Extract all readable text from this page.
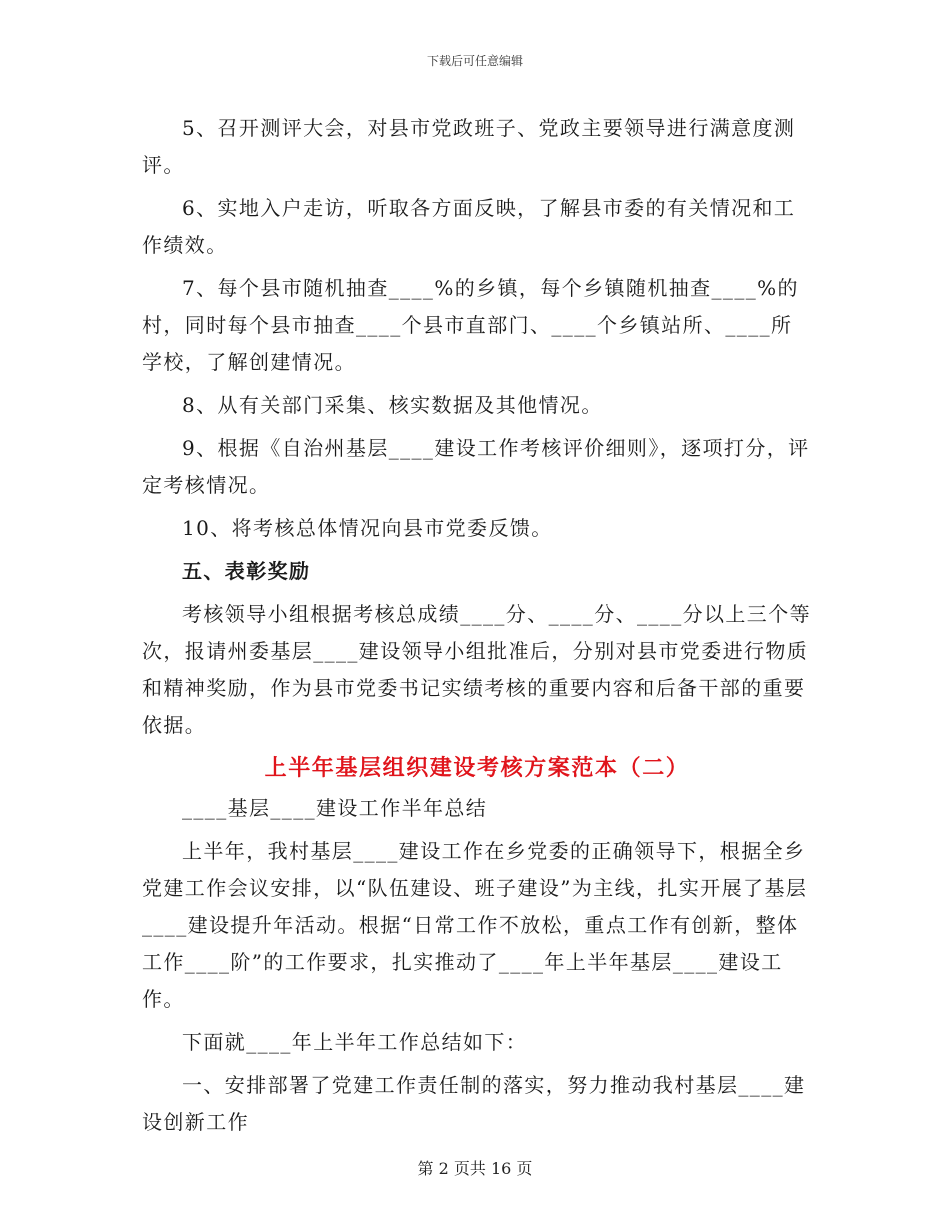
下载后可任意编辑

5、召开测评大会，对县市党政班子、党政主要领导进行满意度测评。

6、实地入户走访，听取各方面反映，了解县市委的有关情况和工作绩效。

7、每个县市随机抽查____%的乡镇，每个乡镇随机抽查____%的村，同时每个县市抽查____个县市直部门、____个乡镇站所、____所学校，了解创建情况。

8、从有关部门采集、核实数据及其他情况。

9、根据《自治州基层____建设工作考核评价细则》，逐项打分，评定考核情况。

10、将考核总体情况向县市党委反馈。

五、表彰奖励

考核领导小组根据考核总成绩____分、____分、____分以上三个等次，报请州委基层____建设领导小组批准后，分别对县市党委进行物质和精神奖励，作为县市党委书记实绩考核的重要内容和后备干部的重要依据。

上半年基层组织建设考核方案范本（二）

____基层____建设工作半年总结

上半年，我村基层____建设工作在乡党委的正确领导下，根据全乡党建工作会议安排，以“队伍建设、班子建设”为主线，扎实开展了基层____建设提升年活动。根据“日常工作不放松，重点工作有创新，整体工作____阶”的工作要求，扎实推动了____年上半年基层____建设工作。

下面就____年上半年工作总结如下：

一、安排部署了党建工作责任制的落实，努力推动我村基层____建设创新工作

第 2 页共 16 页
